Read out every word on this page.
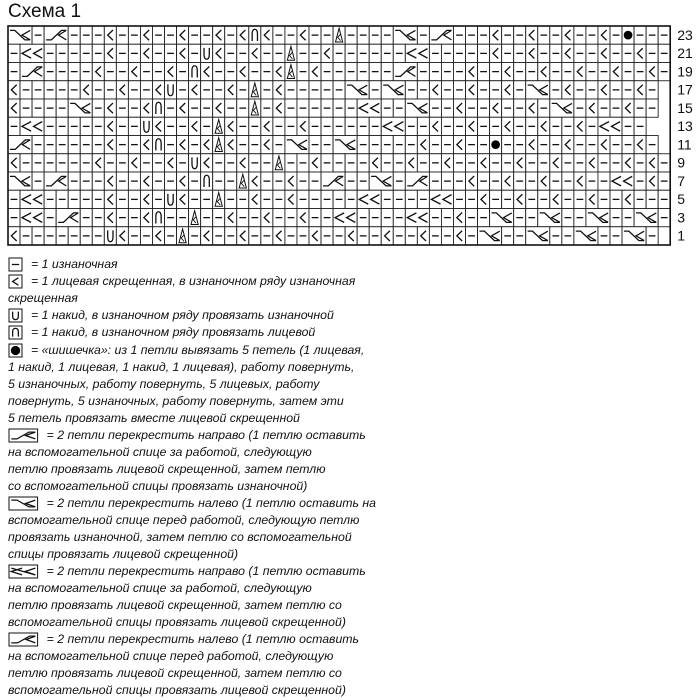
Схема 1
23
21
19
17
15
13
11
9
7
5
3
1
= 1 изнаночная
= 1 лицевая скрещенная, в изнаночном ряду изнаночная
скрещенная
= 1 накид, в изнаночном ряду провязать изнаночной
= 1 накид, в изнаночном ряду провязать лицевой
= «шишечка»: из 1 петли вывязать 5 петель (1 лицевая,
1 накид, 1 лицевая, 1 накид, 1 лицевая), работу повернуть,
5 изнаночных, работу повернуть, 5 лицевых, работу
повернуть, 5 изнаночных, работу повернуть, затем эти
5 петель провязать вместе лицевой скрещенной
= 2 петли перекрестить направо (1 петлю оставить
на вспомогательной спице за работой, следующую
петлю провязать лицевой скрещенной, затем петлю
со вспомогательной спицы провязать изнаночной)
= 2 петли перекрестить налево (1 петлю оставить на
вспомогательной спице перед работой, следующую петлю
провязать изнаночной, затем петлю со вспомогательной
спицы провязать лицевой скрещенной)
= 2 петли перекрестить направо (1 петлю оставить
на вспомогательной спице за работой, следующую
петлю провязать лицевой скрещенной, затем петлю со
вспомогательной спицы провязать лицевой скрещенной)
= 2 петли перекрестить налево (1 петлю оставить
на вспомогательной спице перед работой, следующую
петлю провязать лицевой скрещенной, затем петлю со
вспомогательной спицы провязать лицевой скрещенной)
